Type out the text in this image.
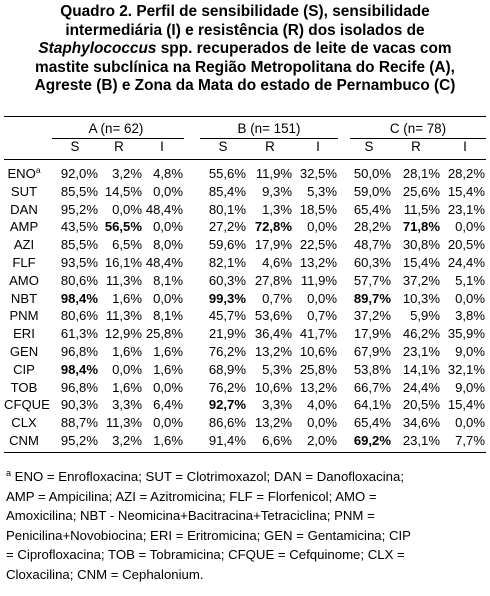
Quadro 2. Perfil de sensibilidade (S), sensibilidade
intermediária (I) e resistência (R) dos isolados de
Staphylococcus spp. recuperados de leite de vacas com
mastite subclínica na Região Metropolitana do Recife (A),
Agreste (B) e Zona da Mata do estado de Pernambuco (C)
A (n= 62)	B (n= 151)	C (n= 78)
S	R	I	S	R	I	S	R	I
ENO$^a$	92,0%	3,2% 4,8%	55,6% 11,9% 32,5%	50,0% 28,1% 28,2%
SUT	85,5% 14,5% 0,0%	85,4%	9,3%	5,3%	59,0% 25,6% 15,4%
DAN	95,2%	0,0% 48,4%	80,1%	1,3% 18,5%	65,4% 11,5% 23,1%
AMP	43,5% 56,5% 0,0%	27,2% 72,8%	0,0%	28,2% 71,8%	0,0%
AZI	85,5%	6,5% 8,0%	59,6% 17,9% 22,5%	48,7% 30,8% 20,5%
FLF	93,5% 16,1% 48,4%	82,1%	4,6% 13,2%	60,3% 15,4% 24,4%
AMO	80,6% 11,3% 8,1%	60,3% 27,8% 11,9%	57,7% 37,2%	5,1%
NBT	98,4%	1,6% 0,0%	99,3%	0,7%	0,0%	89,7% 10,3%	0,0%
PNM	80,6% 11,3% 8,1%	45,7% 53,6%	0,7%	37,2%	5,9%	3,8%
ERI	61,3% 12,9% 25,8%	21,9% 36,4% 41,7%	17,9% 46,2% 35,9%
GEN	96,8%	1,6% 1,6%	76,2% 13,2% 10,6%	67,9% 23,1%	9,0%
CIP	98,4%	0,0% 1,6%	68,9%	5,3% 25,8%	53,8% 14,1% 32,1%
TOB	96,8%	1,6% 0,0%	76,2% 10,6% 13,2%	66,7% 24,4%	9,0%
CFQUE 90,3%	3,3% 6,4%	92,7%	3,3%	4,0%	64,1% 20,5% 15,4%
CLX	88,7% 11,3% 0,0%	86,6% 13,2%	0,0%	65,4% 34,6%	0,0%
CNM	95,2%	3,2% 1,6%	91,4%	6,6%	2,0%	69,2% 23,1%	7,7%
$^a$ ENO = Enrofloxacina; SUT = Clotrimoxazol; DAN = Danofloxacina;
AMP = Ampicilina; AZI = Azitromicina; FLF = Florfenicol; AMO =
Amoxicilina; NBT - Neomicina+Bacitracina+Tetraciclina; PNM =
Penicilina+Novobiocina; ERI = Eritromicina; GEN = Gentamicina; CIP
= Ciprofloxacina; TOB = Tobramicina; CFQUE = Cefquinome; CLX =
Cloxacilina; CNM = Cephalonium.
